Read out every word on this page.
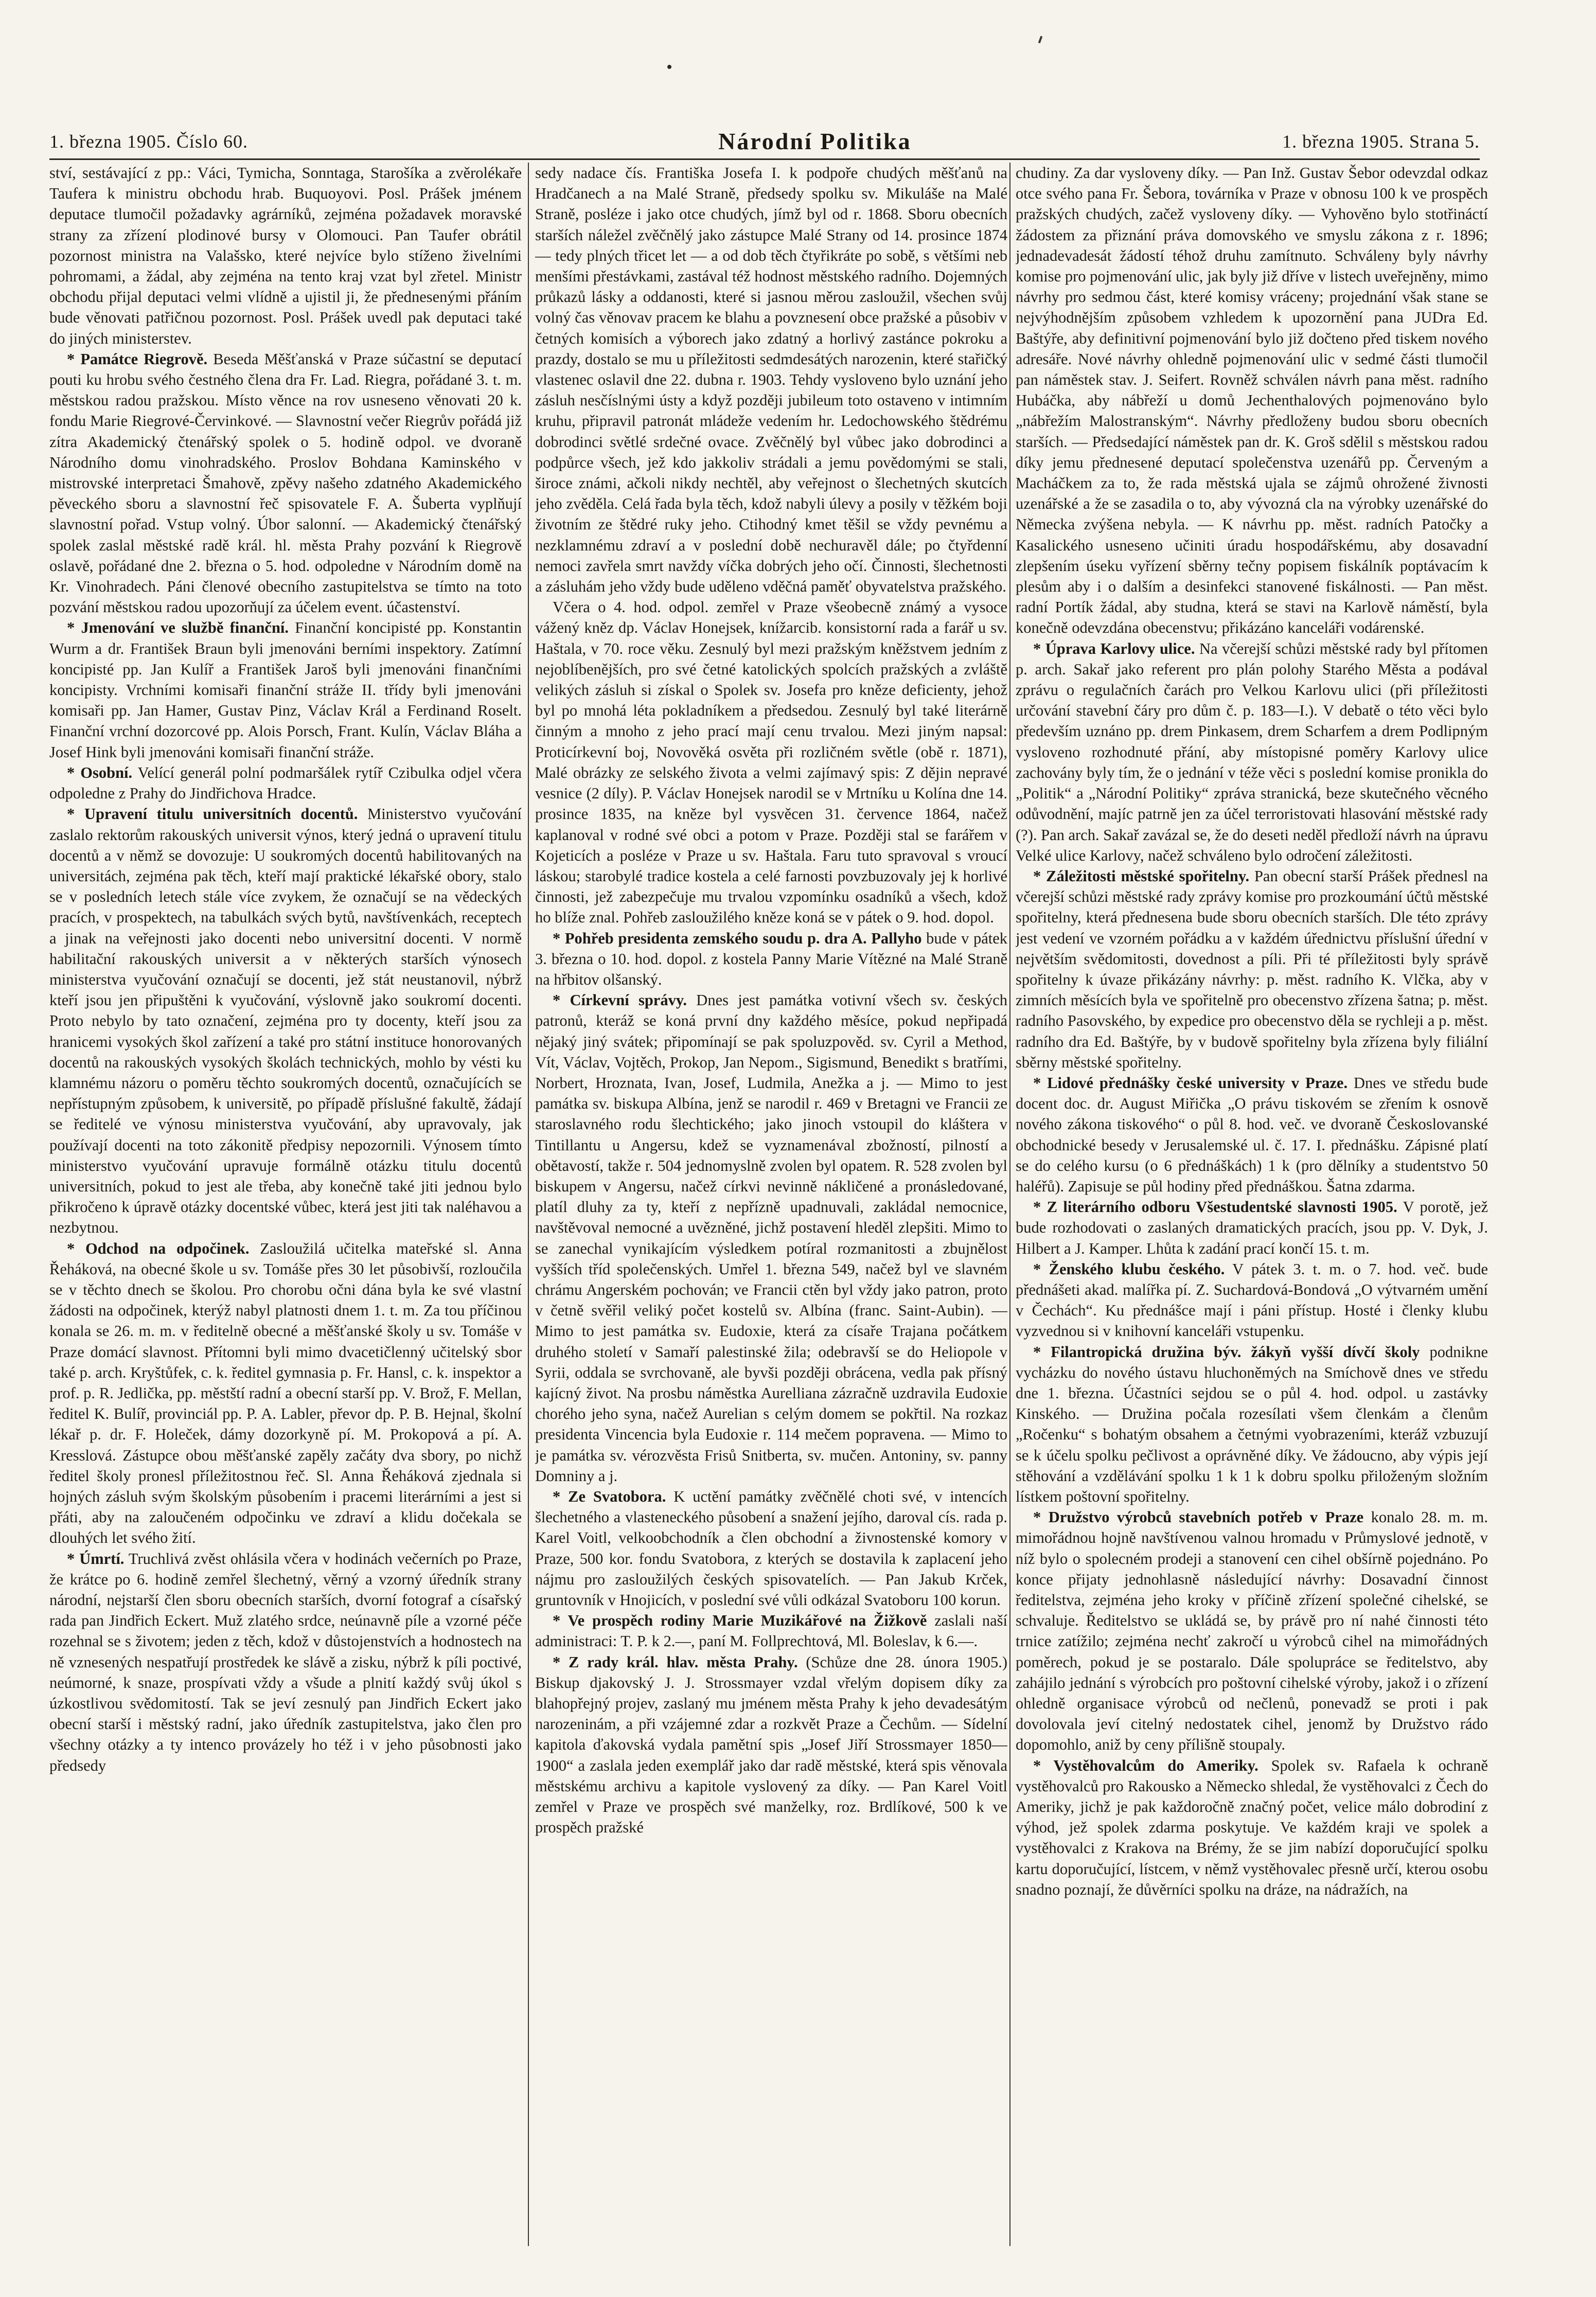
1. března 1905. Číslo 60.	Národní Politika	1. března 1905. Strana 5.

ství, sestávající z pp.: Váci, Tymicha, Sonntaga, Starošíka a zvěrolékaře Taufera k ministru obchodu hrab. Buquoyovi. Posl. Prášek jménem deputace tlumočil požadavky agrárníků, zejména požadavek moravské strany za zřízení plodinové bursy v Olomouci. Pan Taufer obrátil pozornost ministra na Valašsko, které nejvíce bylo stíženo živelními pohromami, a žádal, aby zejména na tento kraj vzat byl zřetel. Ministr obchodu přijal deputaci velmi vlídně a ujistil ji, že přednesenými přáním bude věnovati patřičnou pozornost. Posl. Prášek uvedl pak deputaci také do jiných ministerstev.

* Památce Riegrově. Beseda Měšťanská v Praze súčastní se deputací pouti ku hrobu svého čestného člena dra Fr. Lad. Riegra, pořádané 3. t. m. městskou radou pražskou. Místo věnce na rov usneseno věnovati 20 k. fondu Marie Riegrové-Červinkové. — Slavnostní večer Riegrův pořádá již zítra Akademický čtenářský spolek o 5. hodině odpol. ve dvoraně Národního domu vinohradského. Proslov Bohdana Kaminského v mistrovské interpretaci Šmahově, zpěvy našeho zdatného Akademického pěveckého sboru a slavnostní řeč spisovatele F. A. Šuberta vyplňují slavnostní pořad. Vstup volný. Úbor salonní. — Akademický čtenářský spolek zaslal městské radě král. hl. města Prahy pozvání k Riegrově oslavě, pořádané dne 2. března o 5. hod. odpoledne v Národním domě na Kr. Vinohradech. Páni členové obecního zastupitelstva se tímto na toto pozvání městskou radou upozorňují za účelem event. účastenství.

* Jmenování ve službě finanční. Finanční koncipisté pp. Konstantin Wurm a dr. František Braun byli jmenováni berními inspektory. Zatímní koncipisté pp. Jan Kulíř a František Jaroš byli jmenováni finančními koncipisty. Vrchními komisaři finanční stráže II. třídy byli jmenováni komisaři pp. Jan Hamer, Gustav Pinz, Václav Král a Ferdinand Roselt. Finanční vrchní dozorcové pp. Alois Porsch, Frant. Kulín, Václav Bláha a Josef Hink byli jmenováni komisaři finanční stráže.

* Osobní. Velící generál polní podmaršálek rytíř Czibulka odjel včera odpoledne z Prahy do Jindřichova Hradce.

* Upravení titulu universitních docentů. Ministerstvo vyučování zaslalo rektorům rakouských universit výnos, který jedná o upravení titulu docentů a v němž se dovozuje: U soukromých docentů habilitovaných na universitách, zejména pak těch, kteří mají praktické lékařské obory, stalo se v posledních letech stále více zvykem, že označují se na vědeckých pracích, v prospektech, na tabulkách svých bytů, navštívenkách, receptech a jinak na veřejnosti jako docenti nebo universitní docenti. V normě habilitační rakouských universit a v některých starších výnosech ministerstva vyučování označují se docenti, jež stát neustanovil, nýbrž kteří jsou jen připuštěni k vyučování, výslovně jako soukromí docenti. Proto nebylo by tato označení, zejména pro ty docenty, kteří jsou za hranicemi vysokých škol zařízení a také pro státní instituce honorovaných docentů na rakouských vysokých školách technických, mohlo by vésti ku klamnému názoru o poměru těchto soukromých docentů, označujících se nepřístupným způsobem, k universitě, po případě příslušné fakultě, žádají se ředitelé ve výnosu ministerstva vyučování, aby upravovaly, jak používají docenti na toto zákonitě předpisy nepozornili. Výnosem tímto ministerstvo vyučování upravuje formálně otázku titulu docentů universitních, pokud to jest ale třeba, aby konečně také jiti jednou bylo přikročeno k úpravě otázky docentské vůbec, která jest jiti tak naléhavou a nezbytnou.

* Odchod na odpočinek. Zasloužilá učitelka mateřské sl. Anna Řeháková, na obecné škole u sv. Tomáše přes 30 let působivší, rozloučila se v těchto dnech se školou. Pro chorobu očni dána byla ke své vlastní žádosti na odpočinek, kterýž nabyl platnosti dnem 1. t. m. Za tou příčinou konala se 26. m. m. v ředitelně obecné a měšťanské školy u sv. Tomáše v Praze domácí slavnost. Přítomni byli mimo dvacetičlenný učitelský sbor také p. arch. Kryštůfek, c. k. ředitel gymnasia p. Fr. Hansl, c. k. inspektor a prof. p. R. Jedlička, pp. městští radní a obecní starší pp. V. Brož, F. Mellan, ředitel K. Bulíř, provinciál pp. P. A. Labler, převor dp. P. B. Hejnal, školní lékař p. dr. F. Holeček, dámy dozorkyně pí. M. Prokopová a pí. A. Kresslová. Zástupce obou měšťanské zapěly začáty dva sbory, po nichž ředitel školy pronesl příležitostnou řeč. Sl. Anna Řeháková zjednala si hojných zásluh svým školským působením i pracemi literárními a jest si přáti, aby na zaloučeném odpočinku ve zdraví a klidu dočekala se dlouhých let svého žití.

* Úmrtí. Truchlivá zvěst ohlásila včera v hodinách večerních po Praze, že krátce po 6. hodině zemřel šlechetný, věrný a vzorný úředník strany národní, nejstarší člen sboru obecních starších, dvorní fotograf a císařský rada pan Jindřich Eckert. Muž zlatého srdce, neúnavně píle a vzorné péče rozehnal se s životem; jeden z těch, kdož v důstojenstvích a hodnostech na ně vznesených nespatřují prostředek ke slávě a zisku, nýbrž k píli poctivé, neúmorné, k snaze, prospívati vždy a všude a plnití každý svůj úkol s úzkostlivou svědomitostí. Tak se jeví zesnulý pan Jindřich Eckert jako obecní starší i městský radní, jako úředník zastupitelstva, jako člen pro všechny otázky a ty intenco provázely ho též i v jeho působnosti jako předsedy

sedy nadace čís. Františka Josefa I. k podpoře chudých měšťanů na Hradčanech a na Malé Straně, předsedy spolku sv. Mikuláše na Malé Straně, posléze i jako otce chudých, jímž byl od r. 1868. Sboru obecních starších náležel zvěčnělý jako zástupce Malé Strany od 14. prosince 1874 — tedy plných třicet let — a od dob těch čtyřikráte po sobě, s většími neb menšími přestávkami, zastával též hodnost městského radního. Dojemných průkazů lásky a oddanosti, které si jasnou měrou zasloužil, všechen svůj volný čas věnovav pracem ke blahu a povznesení obce pražské a působiv v četných komisích a výborech jako zdatný a horlivý zastánce pokroku a prazdy, dostalo se mu u příležitosti sedmdesátých narozenin, které stařičký vlastenec oslavil dne 22. dubna r. 1903. Tehdy vysloveno bylo uznání jeho zásluh nesčíslnými ústy a když později jubileum toto ostaveno v intimním kruhu, připravil patronát mládeže vedením hr. Ledochowského štědrému dobrodinci světlé srdečné ovace. Zvěčnělý byl vůbec jako dobrodinci a podpůrce všech, jež kdo jakkoliv strádali a jemu povědomými se stali, široce známi, ačkoli nikdy nechtěl, aby veřejnost o šlechetných skutcích jeho zvěděla. Celá řada byla těch, kdož nabyli úlevy a posily v těžkém boji životním ze štědré ruky jeho. Ctihodný kmet těšil se vždy pevnému a nezklamnému zdraví a v poslední době nechuravěl dále; po čtyřdenní nemoci zavřela smrt navždy víčka dobrých jeho očí. Činnosti, šlechetnosti a zásluhám jeho vždy bude uděleno vděčná paměť obyvatelstva pražského.

Včera o 4. hod. odpol. zemřel v Praze všeobecně známý a vysoce vážený kněz dp. Václav Honejsek, knížarcib. konsistorní rada a farář u sv. Haštala, v 70. roce věku. Zesnulý byl mezi pražským kněžstvem jedním z nejoblíbenějších, pro své četné katolických spolcích pražských a zvláště velikých zásluh si získal o Spolek sv. Josefa pro kněze deficienty, jehož byl po mnohá léta pokladníkem a předsedou. Zesnulý byl také literárně činným a mnoho z jeho prací mají cenu trvalou. Mezi jiným napsal: Proticírkevní boj, Novověká osvěta při rozličném světle (obě r. 1871), Malé obrázky ze selského života a velmi zajímavý spis: Z dějin nepravé vesnice (2 díly). P. Václav Honejsek narodil se v Mrtníku u Kolína dne 14. prosince 1835, na kněze byl vysvěcen 31. července 1864, načež kaplanoval v rodné své obci a potom v Praze. Později stal se farářem v Kojeticích a posléze v Praze u sv. Haštala. Faru tuto spravoval s vroucí láskou; starobylé tradice kostela a celé farnosti povzbuzovaly jej k horlivé činnosti, jež zabezpečuje mu trvalou vzpomínku osadníků a všech, kdož ho blíže znal. Pohřeb zasloužilého kněze koná se v pátek o 9. hod. dopol.

* Pohřeb presidenta zemského soudu p. dra A. Pallyho bude v pátek 3. března o 10. hod. dopol. z kostela Panny Marie Vítězné na Malé Straně na hřbitov olšanský.

* Církevní správy. Dnes jest památka votivní všech sv. českých patronů, kteráž se koná první dny každého měsíce, pokud nepřipadá nějaký jiný svátek; připomínají se pak spoluzpověd. sv. Cyril a Method, Vít, Václav, Vojtěch, Prokop, Jan Nepom., Sigismund, Benedikt s bratřími, Norbert, Hroznata, Ivan, Josef, Ludmila, Anežka a j. — Mimo to jest památka sv. biskupa Albína, jenž se narodil r. 469 v Bretagni ve Francii ze staroslavného rodu šlechtického; jako jinoch vstoupil do kláštera v Tintillantu u Angersu, kdež se vyznamenával zbožností, pilností a obětavostí, takže r. 504 jednomyslně zvolen byl opatem. R. 528 zvolen byl biskupem v Angersu, načež církvi nevinně nákličené a pronásledované, platíl dluhy za ty, kteří z nepřízně upadnuvali, zakládal nemocnice, navštěvoval nemocné a uvězněné, jichž postavení hleděl zlepšiti. Mimo to se zanechal vynikajícím výsledkem potíral rozmanitosti a zbujnělost vyšších tříd společenských. Umřel 1. března 549, načež byl ve slavném chrámu Angerském pochován; ve Francii ctěn byl vždy jako patron, proto v četně svěřil veliký počet kostelů sv. Albína (franc. Saint-Aubin). — Mimo to jest památka sv. Eudoxie, která za císaře Trajana počátkem druhého století v Samaří palestinské žila; odebravší se do Heliopole v Syrii, oddala se svrchovaně, ale byvši později obrácena, vedla pak přísný kajícný život. Na prosbu náměstka Aurelliana zázračně uzdravila Eudoxie chorého jeho syna, načež Aurelian s celým domem se pokřtil. Na rozkaz presidenta Vincencia byla Eudoxie r. 114 mečem popravena. — Mimo to je památka sv. vérozvěsta Frisů Snitberta, sv. mučen. Antoniny, sv. panny Domniny a j.

* Ze Svatobora. K uctění památky zvěčnělé choti své, v intencích šlechetného a vlasteneckého působení a snažení jejího, daroval cís. rada p. Karel Voitl, velkoobchodník a člen obchodní a živnostenské komory v Praze, 500 kor. fondu Svatobora, z kterých se dostavila k zaplacení jeho nájmu pro zasloužilých českých spisovatelích. — Pan Jakub Krček, gruntovník v Hnojicích, v poslední své vůli odkázal Svatoboru 100 korun.

* Ve prospěch rodiny Marie Muzikářové na Žižkově zaslali naší administraci: T. P. k 2.—, paní M. Follprechtová, Ml. Boleslav, k 6.—.

* Z rady král. hlav. města Prahy. (Schůze dne 28. února 1905.) Biskup djakovský J. J. Strossmayer vzdal vřelým dopisem díky za blahopřejný projev, zaslaný mu jménem města Prahy k jeho devadesátým narozeninám, a při vzájemné zdar a rozkvět Praze a Čechům. — Sídelní kapitola ďakovská vydala pamětní spis „Josef Jiří Strossmayer 1850—1900“ a zaslala jeden exemplář jako dar radě městské, která spis věnovala městskému archivu a kapitole vyslovený za díky. — Pan Karel Voitl zemřel v Praze ve prospěch své manželky, roz. Brdlíkové, 500 k ve prospěch pražské

chudiny. Za dar vysloveny díky. — Pan Inž. Gustav Šebor odevzdal odkaz otce svého pana Fr. Šebora, továrníka v Praze v obnosu 100 k ve prospěch pražských chudých, začež vysloveny díky. — Vyhověno bylo stotřináctí žádostem za přiznání práva domovského ve smyslu zákona z r. 1896; jednadevadesát žádostí téhož druhu zamítnuto. Schváleny byly návrhy komise pro pojmenování ulic, jak byly již dříve v listech uveřejněny, mimo návrhy pro sedmou část, které komisy vráceny; projednání však stane se nejvýhodnějším způsobem vzhledem k upozornění pana JUDra Ed. Baštýře, aby definitivní pojmenování bylo již dočteno před tiskem nového adresáře. Nové návrhy ohledně pojmenování ulic v sedmé části tlumočil pan náměstek stav. J. Seifert. Rovněž schválen návrh pana měst. radního Hubáčka, aby nábřeží u domů Jechenthalových pojmenováno bylo „nábřežím Malostranským“. Návrhy předloženy budou sboru obecních starších. — Předsedající náměstek pan dr. K. Groš sdělil s městskou radou díky jemu přednesené deputací společenstva uzenářů pp. Červeným a Macháčkem za to, že rada městská ujala se zájmů ohrožené živnosti uzenářské a že se zasadila o to, aby vývozná cla na výrobky uzenářské do Německa zvýšena nebyla. — K návrhu pp. měst. radních Patočky a Kasalického usneseno učiniti úradu hospodářskému, aby dosavadní zlepšením úseku vyřízení sběrny tečny popisem fiskálník poptávacím k plesům aby i o dalším a desinfekci stanovené fiskálnosti. — Pan měst. radní Portík žádal, aby studna, která se stavi na Karlově náměstí, byla konečně odevzdána obecenstvu; přikázáno kanceláři vodárenské.

* Úprava Karlovy ulice. Na včerejší schůzi městské rady byl přítomen p. arch. Sakař jako referent pro plán polohy Starého Města a podával zprávu o regulačních čarách pro Velkou Karlovu ulici (při příležitosti určování stavební čáry pro dům č. p. 183—I.). V debatě o této věci bylo především uznáno pp. drem Pinkasem, drem Scharfem a drem Podlipným vysloveno rozhodnuté přání, aby místopisné poměry Karlovy ulice zachovány byly tím, že o jednání v téže věci s poslední komise pronikla do „Politik“ a „Národní Politiky“ zpráva stranická, beze skutečného věcného odůvodnění, majíc patrně jen za účel terroristovati hlasování městské rady (?). Pan arch. Sakař zavázal se, že do deseti neděl předloží návrh na úpravu Velké ulice Karlovy, načež schváleno bylo odročení záležitosti.

* Záležitosti městské spořitelny. Pan obecní starší Prášek přednesl na včerejší schůzi městské rady zprávy komise pro prozkoumání účtů městské spořitelny, která přednesena bude sboru obecních starších. Dle této zprávy jest vedení ve vzorném pořádku a v každém úřednictvu příslušní úřední v největším svědomitosti, dovednost a píli. Při té příležitosti byly správě spořitelny k úvaze přikázány návrhy: p. měst. radního K. Vlčka, aby v zimních měsících byla ve spořitelně pro obecenstvo zřízena šatna; p. měst. radního Pasovského, by expedice pro obecenstvo děla se rychleji a p. měst. radního dra Ed. Baštýře, by v budově spořitelny byla zřízena byly filiální sběrny městské spořitelny.

* Lidové přednášky české university v Praze. Dnes ve středu bude docent doc. dr. August Miřička „O právu tiskovém se zřením k osnově nového zákona tiskového“ o půl 8. hod. več. ve dvoraně Českoslovanské obchodnické besedy v Jerusalemské ul. č. 17. I. přednášku. Zápisné platí se do celého kursu (o 6 přednáškách) 1 k (pro dělníky a studentstvo 50 haléřů). Zapisuje se půl hodiny před přednáškou. Šatna zdarma.

* Z literárního odboru Všestudentské slavnosti 1905. V porotě, jež bude rozhodovati o zaslaných dramatických pracích, jsou pp. V. Dyk, J. Hilbert a J. Kamper. Lhůta k zadání prací končí 15. t. m.

* Ženského klubu českého. V pátek 3. t. m. o 7. hod. več. bude přednášeti akad. malířka pí. Z. Suchardová-Bondová „O výtvarném umění v Čechách“. Ku přednášce mají i páni přístup. Hosté i členky klubu vyzvednou si v knihovní kanceláři vstupenku.

* Filantropická družina býv. žákyň vyšší dívčí školy podnikne vycházku do nového ústavu hluchoněmých na Smíchově dnes ve středu dne 1. března. Účastníci sejdou se o půl 4. hod. odpol. u zastávky Kinského. — Družina počala rozesílati všem členkám a členům „Ročenku“ s bohatým obsahem a četnými vyobrazeními, kteráž vzbuzují se k účelu spolku pečlivost a oprávněné díky. Ve žádoucno, aby výpis její stěhování a vzdělávání spolku 1 k 1 k dobru spolku přiloženým složním lístkem poštovní spořitelny.

* Družstvo výrobců stavebních potřeb v Praze konalo 28. m. m. mimořádnou hojně navštívenou valnou hromadu v Průmyslové jednotě, v níž bylo o spolecném prodeji a stanovení cen cihel obšírně pojednáno. Po konce přijaty jednohlasně následující návrhy: Dosavadní činnost ředitelstva, zejména jeho kroky v příčině zřízení společné cihelské, se schvaluje. Ředitelstvo se ukládá se, by právě pro ní nahé činnosti této trnice zatížilo; zejména nechť zakročí u výrobců cihel na mimořádných poměrech, pokud je se postaralo. Dále spolupráce se ředitelstvo, aby zahájilo jednání s výrobcích pro poštovní cihelské výroby, jakož i o zřízení ohledně organisace výrobců od nečlenů, ponevadž se proti i pak dovolovala jeví citelný nedostatek cihel, jenomž by Družstvo rádo dopomohlo, aniž by ceny přílišně stoupaly.

* Vystěhovalcům do Ameriky. Spolek sv. Rafaela k ochraně vystěhovalců pro Rakousko a Německo shledal, že vystěhovalci z Čech do Ameriky, jichž je pak každoročně značný počet, velice málo dobrodiní z výhod, jež spolek zdarma poskytuje. Ve každém kraji ve spolek a vystěhovalci z Krakova na Brémy, že se jim nabízí doporučující spolku kartu doporučující, lístcem, v němž vystěhovalec přesně určí, kterou osobu snadno poznají, že důvěrníci spolku na dráze, na nádražích, na
